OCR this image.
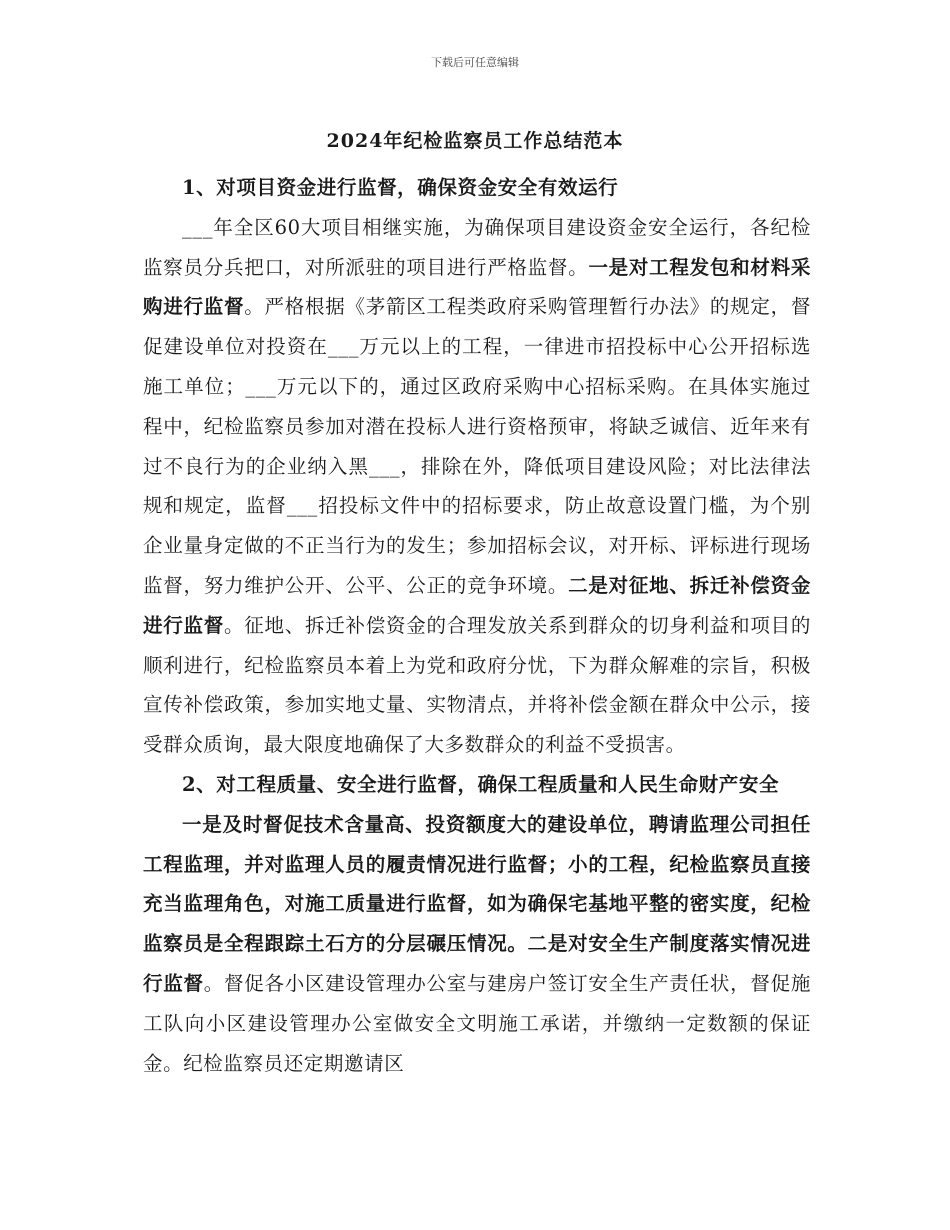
下载后可任意编辑
2024年纪检监察员工作总结范本

1、对项目资金进行监督，确保资金安全有效运行

___年全区60大项目相继实施，为确保项目建设资金安全运行，各纪检监察员分兵把口，对所派驻的项目进行严格监督。一是对工程发包和材料采购进行监督。严格根据《茅箭区工程类政府采购管理暂行办法》的规定，督促建设单位对投资在___万元以上的工程，一律进市招投标中心公开招标选施工单位；___万元以下的，通过区政府采购中心招标采购。在具体实施过程中，纪检监察员参加对潜在投标人进行资格预审，将缺乏诚信、近年来有过不良行为的企业纳入黑___，排除在外，降低项目建设风险；对比法律法规和规定，监督___招投标文件中的招标要求，防止故意设置门槛，为个别企业量身定做的不正当行为的发生；参加招标会议，对开标、评标进行现场监督，努力维护公开、公平、公正的竞争环境。二是对征地、拆迁补偿资金进行监督。征地、拆迁补偿资金的合理发放关系到群众的切身利益和项目的顺利进行，纪检监察员本着上为党和政府分忧，下为群众解难的宗旨，积极宣传补偿政策，参加实地丈量、实物清点，并将补偿金额在群众中公示，接受群众质询，最大限度地确保了大多数群众的利益不受损害。

2、对工程质量、安全进行监督，确保工程质量和人民生命财产安全

一是及时督促技术含量高、投资额度大的建设单位，聘请监理公司担任工程监理，并对监理人员的履责情况进行监督；小的工程，纪检监察员直接充当监理角色，对施工质量进行监督，如为确保宅基地平整的密实度，纪检监察员是全程跟踪土石方的分层碾压情况。二是对安全生产制度落实情况进行监督。督促各小区建设管理办公室与建房户签订安全生产责任状，督促施工队向小区建设管理办公室做安全文明施工承诺，并缴纳一定数额的保证金。纪检监察员还定期邀请区
